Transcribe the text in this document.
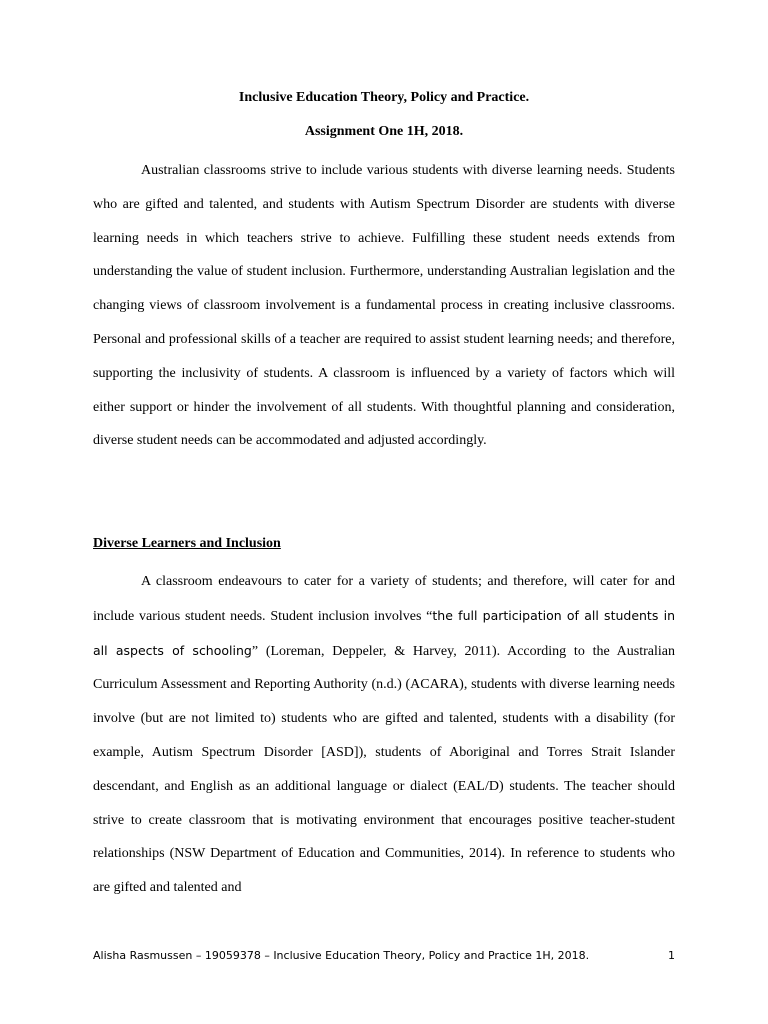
Inclusive Education Theory, Policy and Practice.

Assignment One 1H, 2018.

Australian classrooms strive to include various students with diverse learning needs. Students who are gifted and talented, and students with Autism Spectrum Disorder are students with diverse learning needs in which teachers strive to achieve. Fulfilling these student needs extends from understanding the value of student inclusion. Furthermore, understanding Australian legislation and the changing views of classroom involvement is a fundamental process in creating inclusive classrooms. Personal and professional skills of a teacher are required to assist student learning needs; and therefore, supporting the inclusivity of students. A classroom is influenced by a variety of factors which will either support or hinder the involvement of all students. With thoughtful planning and consideration, diverse student needs can be accommodated and adjusted accordingly.

Diverse Learners and Inclusion

A classroom endeavours to cater for a variety of students; and therefore, will cater for and include various student needs. Student inclusion involves “the full participation of all students in all aspects of schooling” (Loreman, Deppeler, & Harvey, 2011). According to the Australian Curriculum Assessment and Reporting Authority (n.d.) (ACARA), students with diverse learning needs involve (but are not limited to) students who are gifted and talented, students with a disability (for example, Autism Spectrum Disorder [ASD]), students of Aboriginal and Torres Strait Islander descendant, and English as an additional language or dialect (EAL/D) students. The teacher should strive to create classroom that is motivating environment that encourages positive teacher-student relationships (NSW Department of Education and Communities, 2014). In reference to students who are gifted and talented and

Alisha Rasmussen – 19059378 – Inclusive Education Theory, Policy and Practice 1H, 2018.	1
